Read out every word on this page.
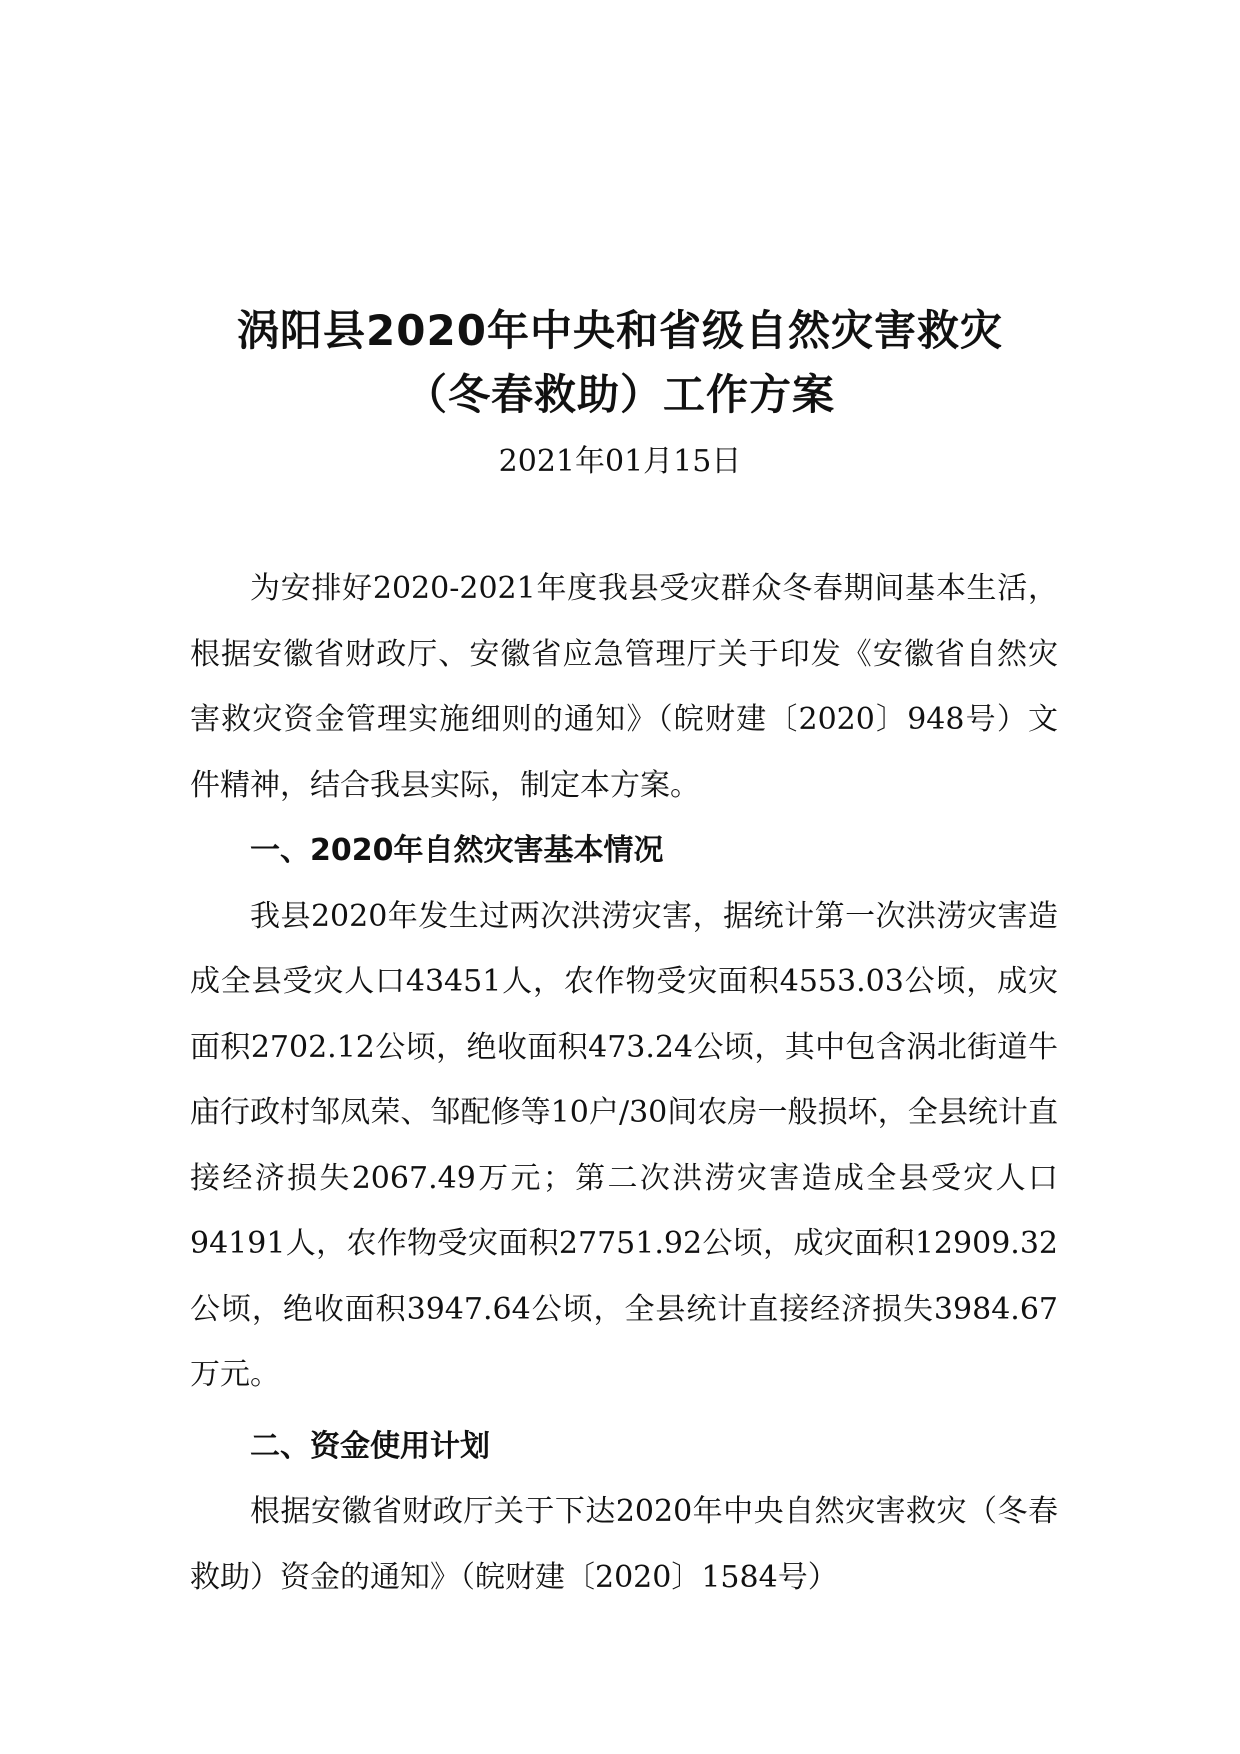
涡阳县2020年中央和省级自然灾害救灾
（冬春救助）工作方案
2021年01月15日

为安排好2020-2021年度我县受灾群众冬春期间基本生活，根据安徽省财政厅、安徽省应急管理厅关于印发《安徽省自然灾害救灾资金管理实施细则的通知》（皖财建〔2020〕948号）文件精神，结合我县实际，制定本方案。

一、2020年自然灾害基本情况

我县2020年发生过两次洪涝灾害，据统计第一次洪涝灾害造成全县受灾人口43451人，农作物受灾面积4553.03公顷，成灾面积2702.12公顷，绝收面积473.24公顷，其中包含涡北街道牛庙行政村邹凤荣、邹配修等10户/30间农房一般损坏，全县统计直接经济损失2067.49万元；第二次洪涝灾害造成全县受灾人口94191人，农作物受灾面积27751.92公顷，成灾面积12909.32公顷，绝收面积3947.64公顷，全县统计直接经济损失3984.67万元。

二、资金使用计划

根据安徽省财政厅关于下达2020年中央自然灾害救灾（冬春救助）资金的通知》（皖财建〔2020〕1584号）
